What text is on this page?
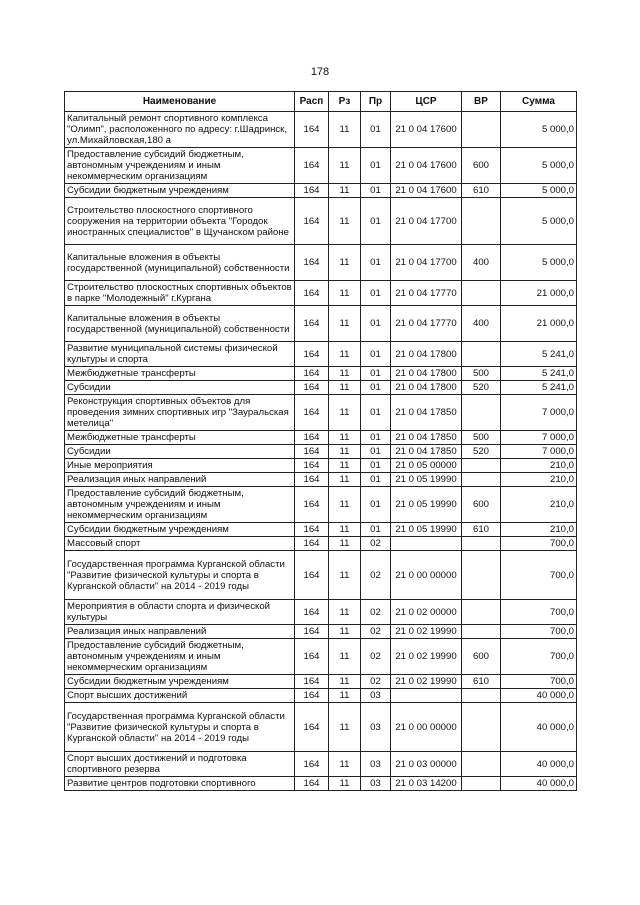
178
Наименование	Расп	Рз	Пр	ЦСР	ВР	Сумма
Капитальный ремонт спортивного комплекса "Олимп", расположенного по адресу: г.Шадринск, ул.Михайловская,180 а	164	11	01	21 0 04 17600		5 000,0
Предоставление субсидий бюджетным, автономным учреждениям и иным некоммерческим организациям	164	11	01	21 0 04 17600	600	5 000,0
Субсидии бюджетным учреждениям	164	11	01	21 0 04 17600	610	5 000,0
Строительство плоскостного спортивного сооружения на территории объекта "Городок иностранных специалистов" в Щучанском районе	164	11	01	21 0 04 17700		5 000,0
Капитальные вложения в объекты государственной (муниципальной) собственности	164	11	01	21 0 04 17700	400	5 000,0
Строительство плоскостных спортивных объектов в парке "Молодежный" г.Кургана	164	11	01	21 0 04 17770		21 000,0
Капитальные вложения в объекты государственной (муниципальной) собственности	164	11	01	21 0 04 17770	400	21 000,0
Развитие муниципальной системы физической культуры и спорта	164	11	01	21 0 04 17800		5 241,0
Межбюджетные трансферты	164	11	01	21 0 04 17800	500	5 241,0
Субсидии	164	11	01	21 0 04 17800	520	5 241,0
Реконструкция спортивных объектов для проведения зимних спортивных игр "Зауральская метелица"	164	11	01	21 0 04 17850		7 000,0
Межбюджетные трансферты	164	11	01	21 0 04 17850	500	7 000,0
Субсидии	164	11	01	21 0 04 17850	520	7 000,0
Иные мероприятия	164	11	01	21 0 05 00000		210,0
Реализация иных направлений	164	11	01	21 0 05 19990		210,0
Предоставление субсидий бюджетным, автономным учреждениям и иным некоммерческим организациям	164	11	01	21 0 05 19990	600	210,0
Субсидии бюджетным учреждениям	164	11	01	21 0 05 19990	610	210,0
Массовый спорт	164	11	02			700,0
Государственная программа Курганской области "Развитие физической культуры и спорта в Курганской области" на 2014 - 2019 годы	164	11	02	21 0 00 00000		700,0
Мероприятия в области спорта и физической культуры	164	11	02	21 0 02 00000		700,0
Реализация иных направлений	164	11	02	21 0 02 19990		700,0
Предоставление субсидий бюджетным, автономным учреждениям и иным некоммерческим организациям	164	11	02	21 0 02 19990	600	700,0
Субсидии бюджетным учреждениям	164	11	02	21 0 02 19990	610	700,0
Спорт высших достижений	164	11	03			40 000,0
Государственная программа Курганской области "Развитие физической культуры и спорта в Курганской области" на 2014 - 2019 годы	164	11	03	21 0 00 00000		40 000,0
Спорт высших достижений и подготовка спортивного резерва	164	11	03	21 0 03 00000		40 000,0
Развитие центров подготовки спортивного	164	11	03	21 0 03 14200		40 000,0
